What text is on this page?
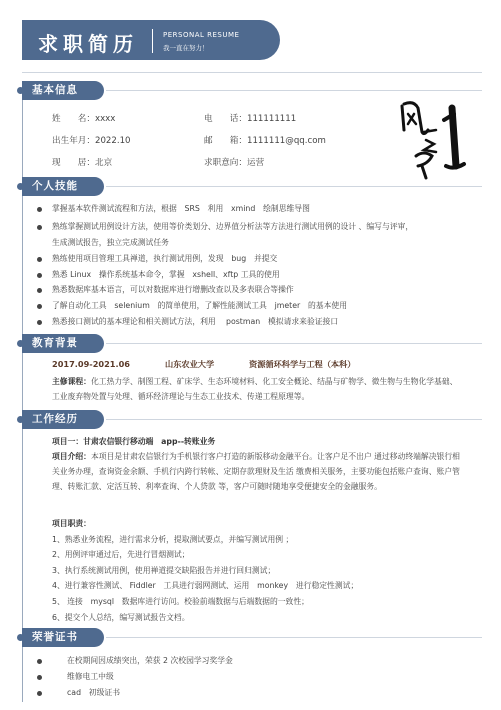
求职简历	PERSONAL RESUME
我一直在努力！
基本信息
姓　　名：xxxx	电　　话：111111111
出生年月：2022.10	邮　　箱：1111111@qq.com
现　　居：北京	求职意向：运营
个人技能
掌握基本软件测试流程和方法，根据　SRS　利用　xmind　绘制思维导图
熟练掌握测试用例设计方法，使用等价类划分、边界值分析法等方法进行测试用例的设计 、编写与评审，
生成测试报告，独立完成测试任务
熟练使用项目管理工具禅道，执行测试用例，发现　bug　并提交
熟悉 Linux　操作系统基本命令，掌握　xshell、xftp 工具的使用
熟悉数据库基本语言，可以对数据库进行增删改查以及多表联合等操作
了解自动化工具　selenium　的简单使用，了解性能测试工具　jmeter　的基本使用
熟悉接口测试的基本理论和相关测试方法，利用　 postman　模拟请求来验证接口
教育背景
2017.09-2021.06	山东农业大学	资源循环科学与工程（本科）
主修课程：化工热力学、制图工程、矿床学、生态环境材料、化工安全概论、结晶与矿物学、微生物与生物化学基础、工业废弃物处置与处理、循环经济理论与生态工业技术、传递工程原理等。
工作经历
项目一：甘肃农信银行移动端　app--转账业务
项目介绍：本项目是甘肃农信银行为手机银行客户打造的新版移动金融平台。让客户足不出户 通过移动终端解决银行相关业务办理，查询资金余额、手机行内跨行转帐、定期存款理财及生活 缴费相关服务，主要功能包括账户查询、账户管理、转账汇款、定活互转、利率查询、个人贷款 等，客户可随时随地享受便捷安全的金融服务。
项目职责：
1、熟悉业务流程，进行需求分析，提取测试要点，并编写测试用例 ；
2、用例评审通过后，先进行冒烟测试；
3、执行系统测试用例，使用禅道提交缺陷报告并进行回归测试；
4、进行兼容性测试、 Fiddler　工具进行弱网测试、运用　monkey　进行稳定性测试；
5、 连接　mysql　数据库进行访问。校验前端数据与后端数据的一致性；
6、提交个人总结，编写测试报告文档。
荣誉证书
在校期间因成绩突出，荣获 2 次校园学习奖学金
维修电工中级
cad　初级证书
